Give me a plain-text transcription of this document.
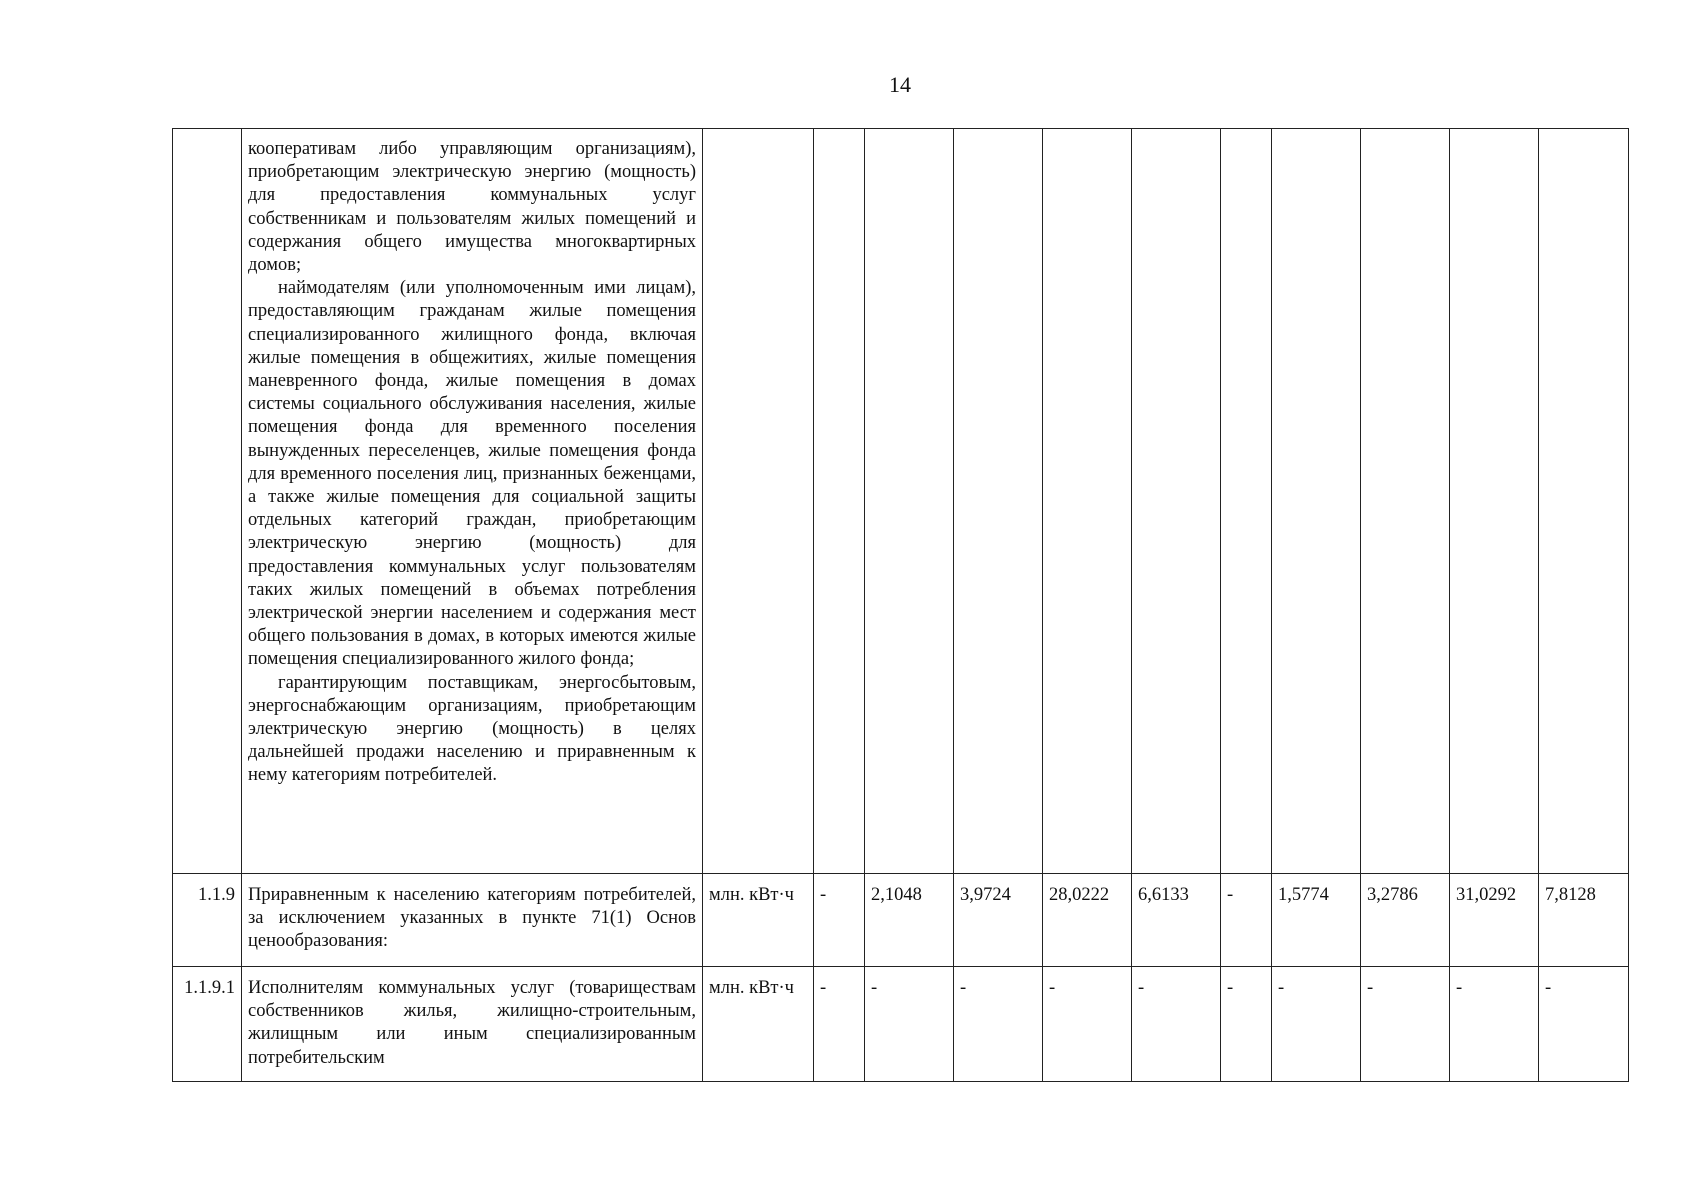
14

	кооперативам либо управляющим организациям), приобретающим электрическую энергию (мощность) для предоставления коммунальных услуг собственникам и пользователям жилых помещений и содержания общего имущества многоквартирных домов;

наймодателям (или уполномоченным ими лицам), предоставляющим гражданам жилые помещения специализированного жилищного фонда, включая жилые помещения в общежитиях, жилые помещения маневренного фонда, жилые помещения в домах системы социального обслуживания населения, жилые помещения фонда для временного поселения вынужденных переселенцев, жилые помещения фонда для временного поселения лиц, признанных беженцами, а также жилые помещения для социальной защиты отдельных категорий граждан, приобретающим электрическую энергию (мощность) для предоставления коммунальных услуг пользователям таких жилых помещений в объемах потребления электрической энергии населением и содержания мест общего пользования в домах, в которых имеются жилые помещения специализированного жилого фонда;

гарантирующим поставщикам, энергосбытовым, энергоснабжающим организациям, приобретающим электрическую энергию (мощность) в целях дальнейшей продажи населению и приравненным к нему категориям потребителей.											

1.1.9	Приравненным к населению категориям потребителей, за исключением указанных в пункте 71(1) Основ ценообразования:	млн. кВт·ч	-	2,1048	3,9724	28,0222	6,6133	-	1,5774	3,2786	31,0292	7,8128
1.1.9.1	Исполнителям коммунальных услуг (товариществам собственников жилья, жилищно-строительным, жилищным или иным специализированным потребительским	млн. кВт·ч	-	-	-	-	-	-	-	-	-	-
